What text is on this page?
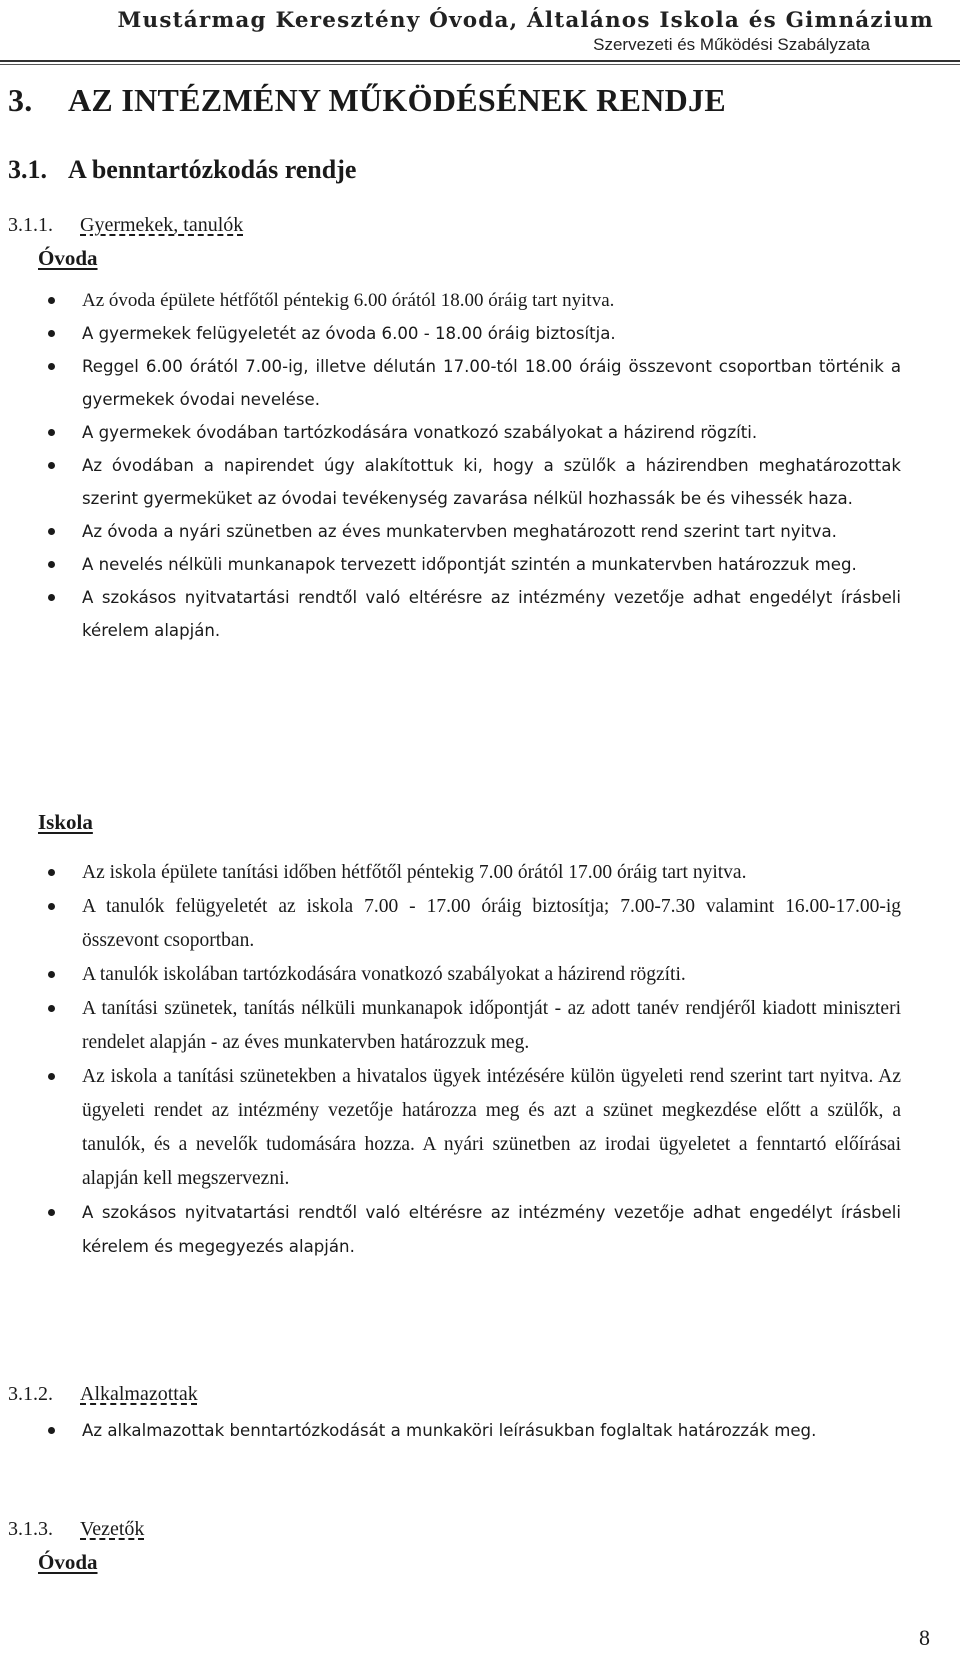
Mustármag Keresztény Óvoda, Általános Iskola és Gimnázium
Szervezeti és Működési Szabályzata
3. AZ INTÉZMÉNY MŰKÖDÉSÉNEK RENDJE
3.1. A benntartózkodás rendje
3.1.1. Gyermekek, tanulók
Óvoda
Az óvoda épülete hétfőtől péntekig 6.00 órától 18.00 óráig tart nyitva.
A gyermekek felügyeletét az óvoda 6.00 - 18.00 óráig biztosítja.
Reggel 6.00 órától 7.00-ig, illetve délután 17.00-tól 18.00 óráig összevont csoportban történik a gyermekek óvodai nevelése.
A gyermekek óvodában tartózkodására vonatkozó szabályokat a házirend rögzíti.
Az óvodában a napirendet úgy alakítottuk ki, hogy a szülők a házirendben meghatározottak szerint gyermeküket az óvodai tevékenység zavarása nélkül hozhassák be és vihessék haza.
Az óvoda a nyári szünetben az éves munkatervben meghatározott rend szerint tart nyitva.
A nevelés nélküli munkanapok tervezett időpontját szintén a munkatervben határozzuk meg.
A szokásos nyitvatartási rendtől való eltérésre az intézmény vezetője adhat engedélyt írásbeli kérelem alapján.
Iskola
Az iskola épülete tanítási időben hétfőtől péntekig 7.00 órától 17.00 óráig tart nyitva.
A tanulók felügyeletét az iskola 7.00 - 17.00 óráig biztosítja; 7.00-7.30 valamint 16.00-17.00-ig összevont csoportban.
A tanulók iskolában tartózkodására vonatkozó szabályokat a házirend rögzíti.
A tanítási szünetek, tanítás nélküli munkanapok időpontját - az adott tanév rendjéről kiadott miniszteri rendelet alapján - az éves munkatervben határozzuk meg.
Az iskola a tanítási szünetekben a hivatalos ügyek intézésére külön ügyeleti rend szerint tart nyitva. Az ügyeleti rendet az intézmény vezetője határozza meg és azt a szünet megkezdése előtt a szülők, a tanulók, és a nevelők tudomására hozza. A nyári szünetben az irodai ügyeletet a fenntartó előírásai alapján kell megszervezni.
A szokásos nyitvatartási rendtől való eltérésre az intézmény vezetője adhat engedélyt írásbeli kérelem és megegyezés alapján.
3.1.2. Alkalmazottak
Az alkalmazottak benntartózkodását a munkaköri leírásukban foglaltak határozzák meg.
3.1.3. Vezetők
Óvoda
8
